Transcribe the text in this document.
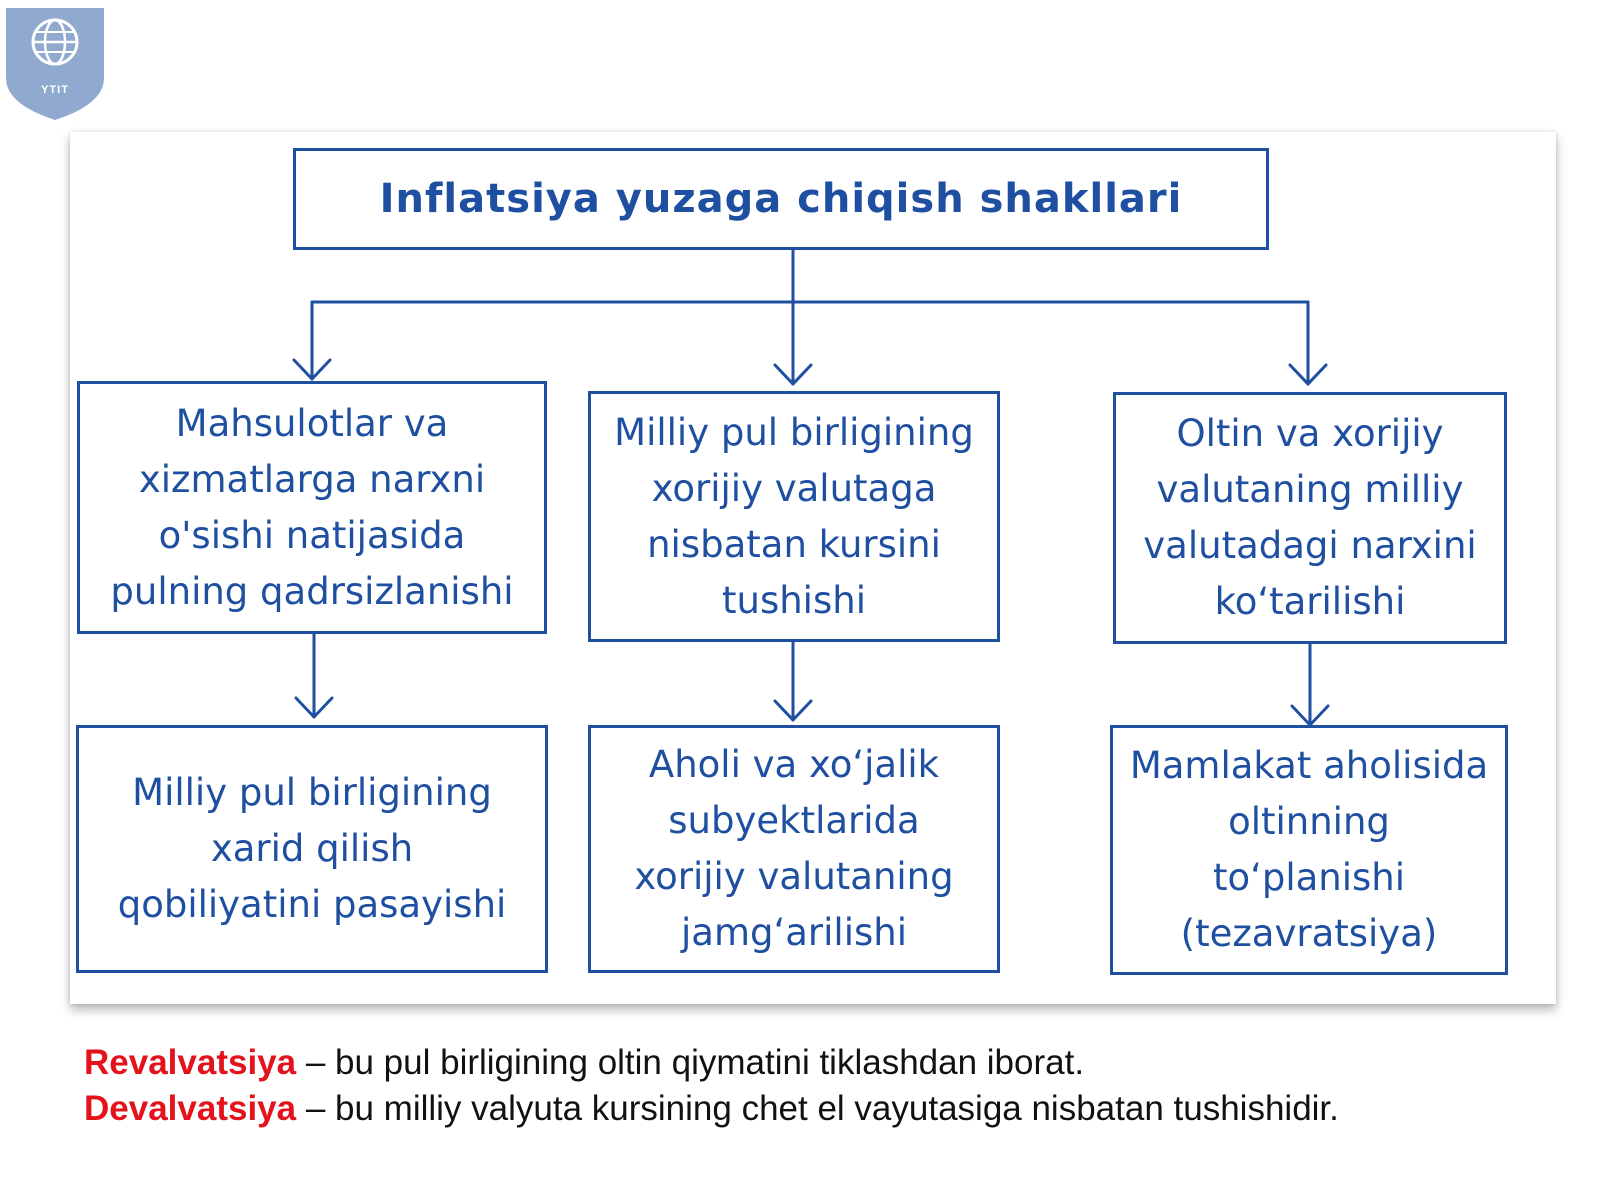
YTIT
Inflatsiya yuzaga chiqish shakllari
Mahsulotlar va
xizmatlarga narxni
o'sishi natijasida
pulning qadrsizlanishi
Milliy pul birligining
xorijiy valutaga
nisbatan kursini
tushishi
Oltin va xorijiy
valutaning milliy
valutadagi narxini
ko‘tarilishi
Milliy pul birligining
xarid qilish
qobiliyatini pasayishi
Aholi va xo‘jalik
subyektlarida
xorijiy valutaning
jamg‘arilishi
Mamlakat aholisida
oltinning
to‘planishi
(tezavratsiya)
Revalvatsiya – bu pul birligining oltin qiymatini tiklashdan iborat.
Devalvatsiya – bu milliy valyuta kursining chet el vayutasiga nisbatan tushishidir.
